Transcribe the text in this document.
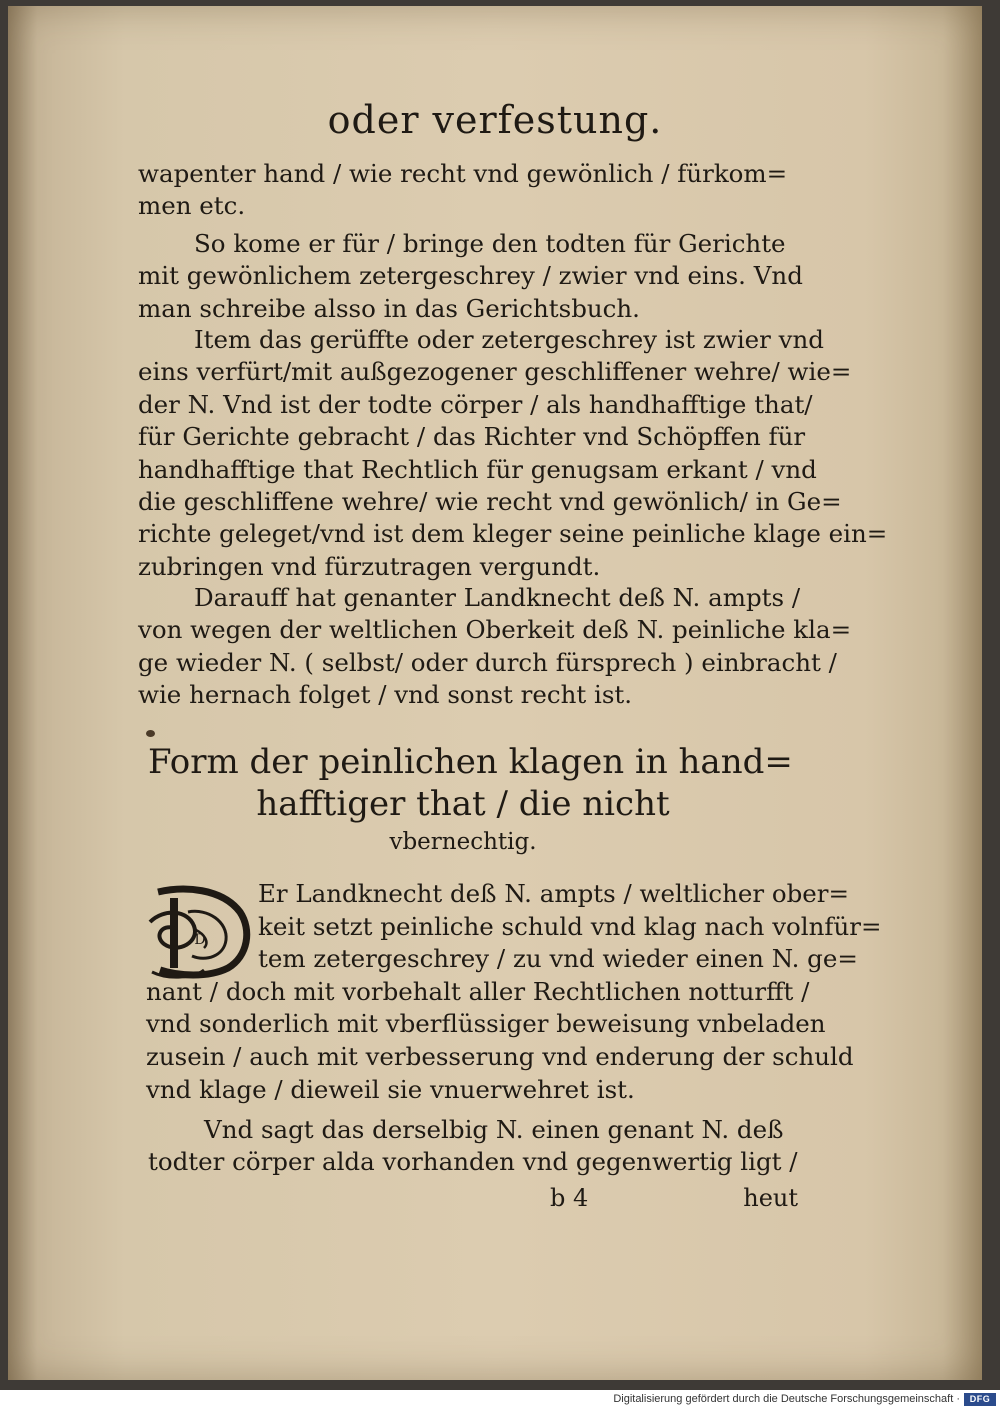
oder verfestung.
wapenter hand / wie recht vnd gewönlich / fürkom=
men etc.
So kome er für / bringe den todten für Gerichte
mit gewönlichem zetergeschrey / zwier vnd eins. Vnd
man schreibe alsso in das Gerichtsbuch.
Item das gerüffte oder zetergeschrey ist zwier vnd
eins verfürt/mit außgezogener geschliffener wehre/ wie=
der N. Vnd ist der todte cörper / als handhafftige that/
für Gerichte gebracht / das Richter vnd Schöpffen für
handhafftige that Rechtlich für genugsam erkant / vnd
die geschliffene wehre/ wie recht vnd gewönlich/ in Ge=
richte geleget/vnd ist dem kleger seine peinliche klage ein=
zubringen vnd fürzutragen vergundt.
Darauff hat genanter Landknecht deß N. ampts /
von wegen der weltlichen Oberkeit deß N. peinliche kla=
ge wieder N. ( selbst/ oder durch fürsprech ) einbracht /
wie hernach folget / vnd sonst recht ist.
Form der peinlichen klagen in hand=
hafftiger that / die nicht
vbernechtig.
D
Er Landknecht deß N. ampts / weltlicher ober=
keit setzt peinliche schuld vnd klag nach volnfür=
tem zetergeschrey / zu vnd wieder einen N. ge=
nant / doch mit vorbehalt aller Rechtlichen notturfft /
vnd sonderlich mit vberflüssiger beweisung vnbeladen
zusein / auch mit verbesserung vnd enderung der schuld
vnd klage / dieweil sie vnuerwehret ist.
Vnd sagt das derselbig N. einen genant N. deß
todter cörper alda vorhanden vnd gegenwertig ligt /
b 4	heut
Digitalisierung gefördert durch die Deutsche Forschungsgemeinschaft ·	DFG
